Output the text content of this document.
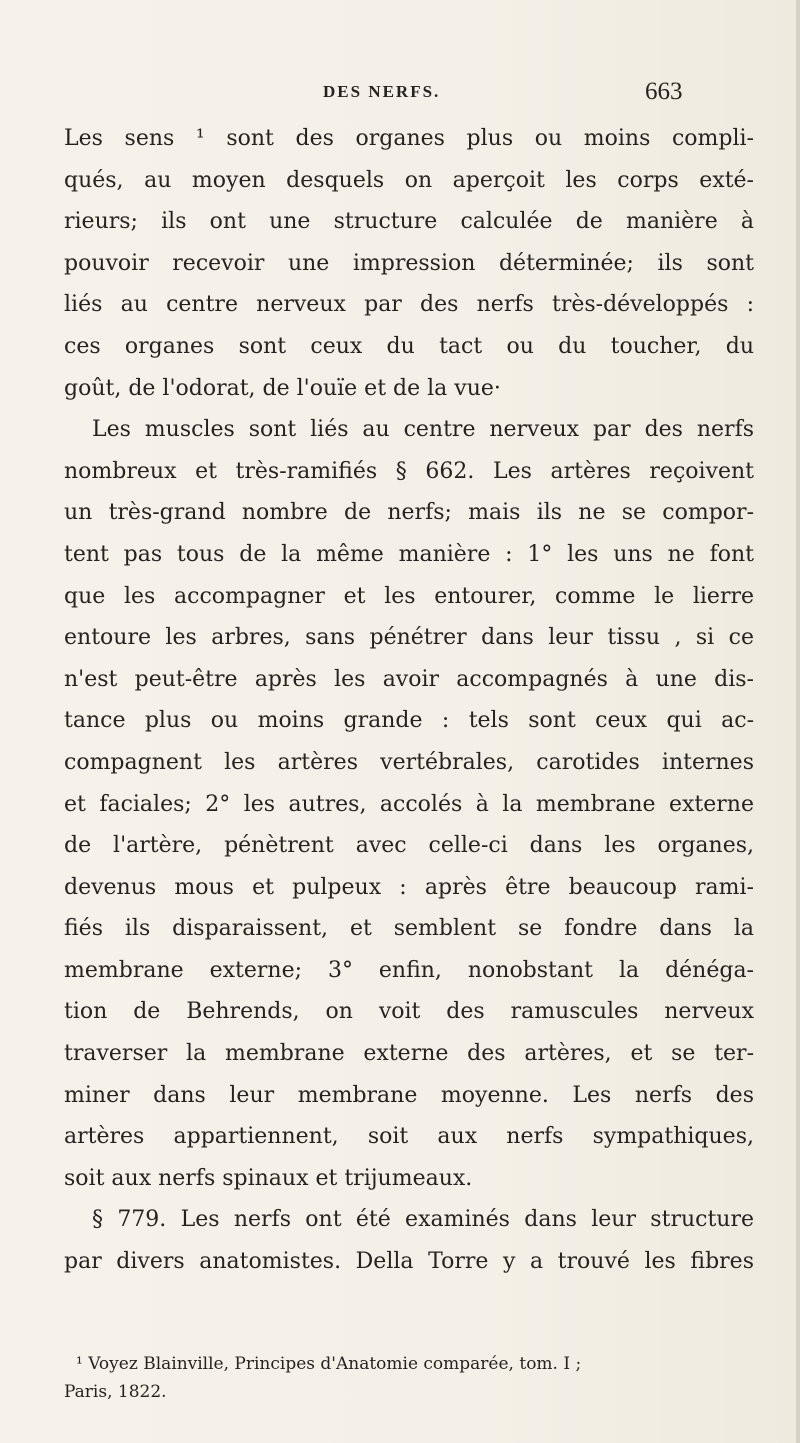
DES NERFS.	663
Les sens ¹ sont des organes plus ou moins compli-
qués, au moyen desquels on aperçoit les corps exté-
rieurs; ils ont une structure calculée de manière à
pouvoir recevoir une impression déterminée; ils sont
liés au centre nerveux par des nerfs très-développés :
ces organes sont ceux du tact ou du toucher, du
goût, de l'odorat, de l'ouïe et de la vue·
Les muscles sont liés au centre nerveux par des nerfs
nombreux et très-ramifiés § 662. Les artères reçoivent
un très-grand nombre de nerfs; mais ils ne se compor-
tent pas tous de la même manière : 1° les uns ne font
que les accompagner et les entourer, comme le lierre
entoure les arbres, sans pénétrer dans leur tissu , si ce
n'est peut-être après les avoir accompagnés à une dis-
tance plus ou moins grande : tels sont ceux qui ac-
compagnent les artères vertébrales, carotides internes
et faciales; 2° les autres, accolés à la membrane externe
de l'artère, pénètrent avec celle-ci dans les organes,
devenus mous et pulpeux : après être beaucoup rami-
fiés ils disparaissent, et semblent se fondre dans la
membrane externe; 3° enfin, nonobstant la dénéga-
tion de Behrends, on voit des ramuscules nerveux
traverser la membrane externe des artères, et se ter-
miner dans leur membrane moyenne. Les nerfs des
artères appartiennent, soit aux nerfs sympathiques,
soit aux nerfs spinaux et trijumeaux.
§ 779. Les nerfs ont été examinés dans leur structure
par divers anatomistes. Della Torre y a trouvé les fibres
¹ Voyez Blainville, Principes d'Anatomie comparée, tom. I ;
Paris, 1822.
